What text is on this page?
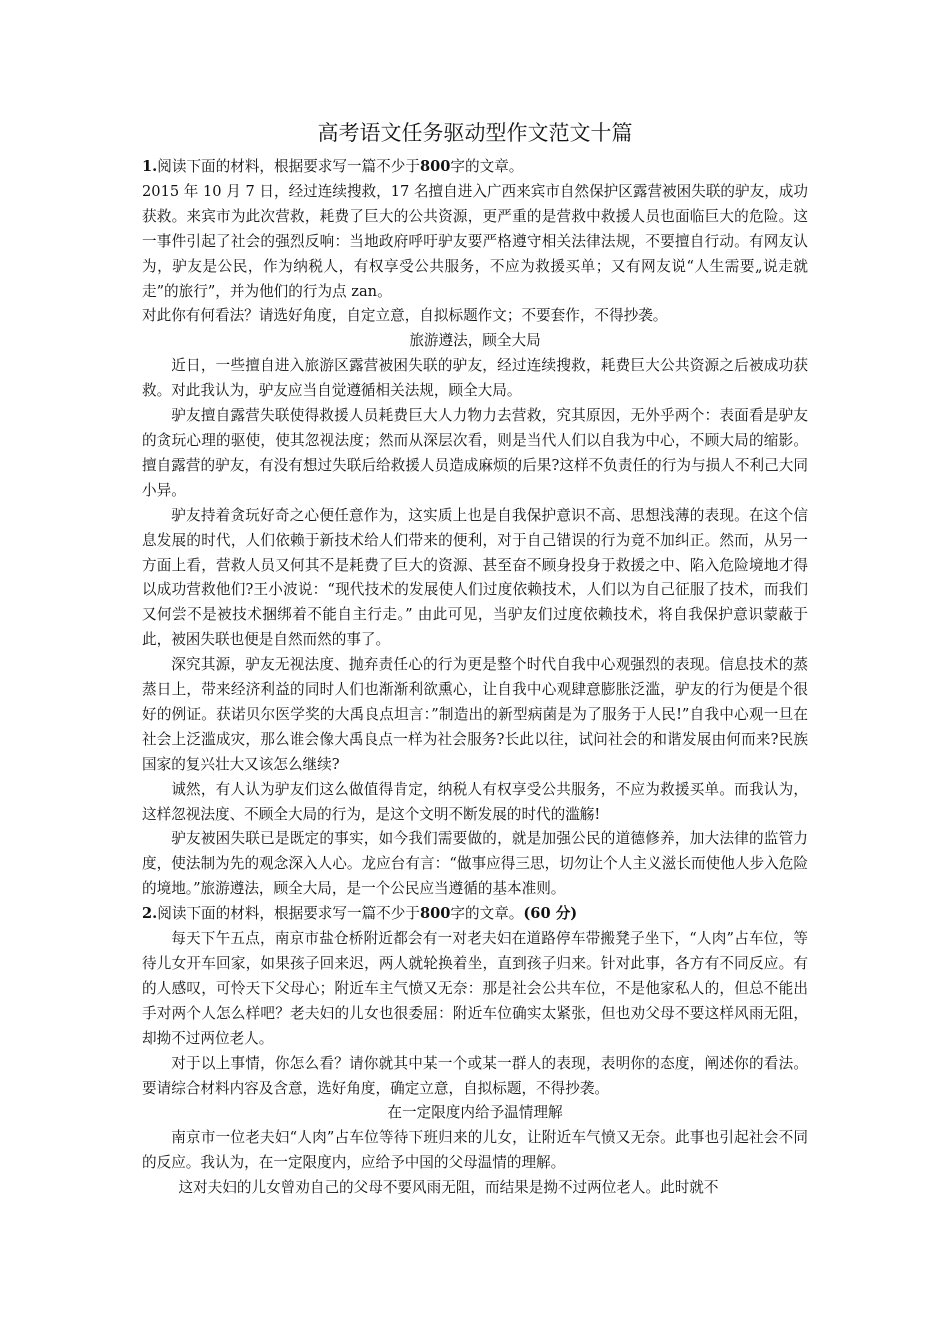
高考语文任务驱动型作文范文十篇

1.阅读下面的材料，根据要求写一篇不少于800字的文章。

2015 年 10 月 7 日，经过连续搜救，17 名擅自进入广西来宾市自然保护区露营被困失联的驴友，成功获救。来宾市为此次营救，耗费了巨大的公共资源，更严重的是营救中救援人员也面临巨大的危险。这一事件引起了社会的强烈反响：当地政府呼吁驴友要严格遵守相关法律法规，不要擅自行动。有网友认为，驴友是公民，作为纳税人，有权享受公共服务，不应为救援买单；又有网友说“人生需要„说走就走”的旅行”，并为他们的行为点 zan。

对此你有何看法？请选好角度，自定立意，自拟标题作文；不要套作，不得抄袭。

旅游遵法，顾全大局

近日，一些擅自进入旅游区露营被困失联的驴友，经过连续搜救，耗费巨大公共资源之后被成功获救。对此我认为，驴友应当自觉遵循相关法规，顾全大局。

驴友擅自露营失联使得救援人员耗费巨大人力物力去营救，究其原因，无外乎两个：表面看是驴友的贪玩心理的驱使，使其忽视法度；然而从深层次看，则是当代人们以自我为中心，不顾大局的缩影。擅自露营的驴友，有没有想过失联后给救援人员造成麻烦的后果?这样不负责任的行为与损人不利己大同小异。

驴友持着贪玩好奇之心便任意作为，这实质上也是自我保护意识不高、思想浅薄的表现。在这个信息发展的时代，人们依赖于新技术给人们带来的便利，对于自己错误的行为竟不加纠正。然而，从另一方面上看，营救人员又何其不是耗费了巨大的资源、甚至奋不顾身投身于救援之中、陷入危险境地才得以成功营救他们?王小波说：“现代技术的发展使人们过度依赖技术，人们以为自己征服了技术，而我们又何尝不是被技术捆绑着不能自主行走。” 由此可见，当驴友们过度依赖技术，将自我保护意识蒙蔽于此，被困失联也便是自然而然的事了。

深究其源，驴友无视法度、抛弃责任心的行为更是整个时代自我中心观强烈的表现。信息技术的蒸蒸日上，带来经济利益的同时人们也渐渐利欲熏心，让自我中心观肆意膨胀泛滥，驴友的行为便是个很好的例证。获诺贝尔医学奖的大禹良点坦言：”制造出的新型病菌是为了服务于人民!”自我中心观一旦在社会上泛滥成灾，那么谁会像大禹良点一样为社会服务?长此以往，试问社会的和谐发展由何而来?民族国家的复兴壮大又该怎么继续?

诚然，有人认为驴友们这么做值得肯定，纳税人有权享受公共服务，不应为救援买单。而我认为，这样忽视法度、不顾全大局的行为，是这个文明不断发展的时代的滥觞!

驴友被困失联已是既定的事实，如今我们需要做的，就是加强公民的道德修养，加大法律的监管力度，使法制为先的观念深入人心。龙应台有言：“做事应得三思，切勿让个人主义滋长而使他人步入危险的境地。”旅游遵法，顾全大局，是一个公民应当遵循的基本准则。

2.阅读下面的材料，根据要求写一篇不少于800字的文章。(60 分)

每天下午五点，南京市盐仓桥附近都会有一对老夫妇在道路停车带搬凳子坐下，“人肉”占车位，等待儿女开车回家，如果孩子回来迟，两人就轮换着坐，直到孩子归来。针对此事，各方有不同反应。有的人感叹，可怜天下父母心；附近车主气愤又无奈：那是社会公共车位，不是他家私人的，但总不能出手对两个人怎么样吧？老夫妇的儿女也很委屈：附近车位确实太紧张，但也劝父母不要这样风雨无阻，却拗不过两位老人。

对于以上事情，你怎么看？请你就其中某一个或某一群人的表现，表明你的态度，阐述你的看法。要请综合材料内容及含意，选好角度，确定立意，自拟标题，不得抄袭。

在一定限度内给予温情理解

南京市一位老夫妇“人肉”占车位等待下班归来的儿女，让附近车气愤又无奈。此事也引起社会不同的反应。我认为，在一定限度内，应给予中国的父母温情的理解。

这对夫妇的儿女曾劝自己的父母不要风雨无阻，而结果是拗不过两位老人。此时就不
